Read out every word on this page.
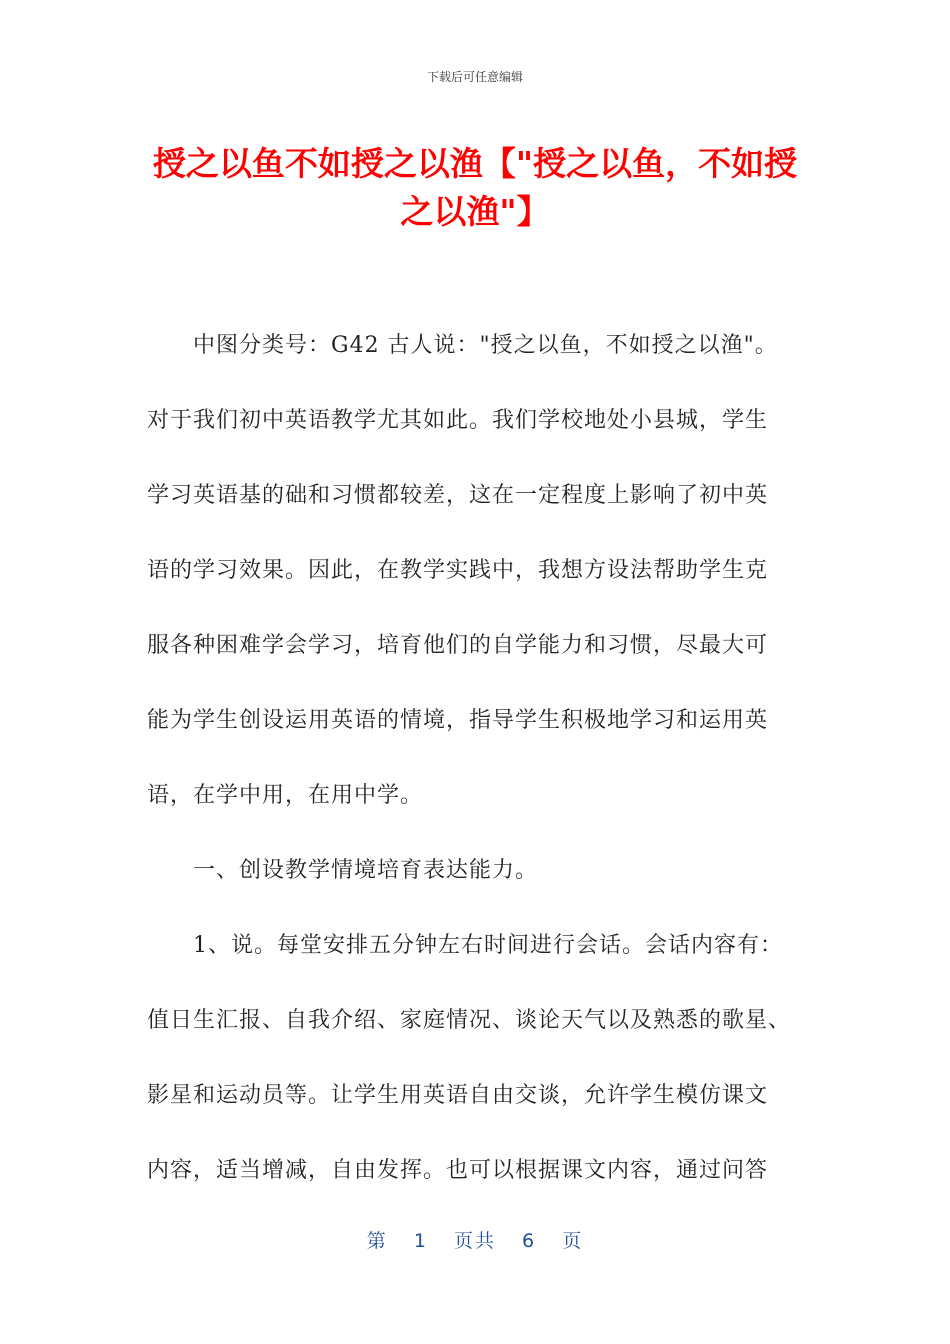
下载后可任意编辑
授之以鱼不如授之以渔【"授之以鱼，不如授
之以渔"】
　　中图分类号：G42 古人说："授之以鱼，不如授之以渔"。
对于我们初中英语教学尤其如此。我们学校地处小县城，学生
学习英语基的础和习惯都较差，这在一定程度上影响了初中英
语的学习效果。因此，在教学实践中，我想方设法帮助学生克
服各种困难学会学习，培育他们的自学能力和习惯，尽最大可
能为学生创设运用英语的情境，指导学生积极地学习和运用英
语，在学中用，在用中学。
　　一、创设教学情境培育表达能力。
　　1、说。每堂安排五分钟左右时间进行会话。会话内容有：
值日生汇报、自我介绍、家庭情况、谈论天气以及熟悉的歌星、
影星和运动员等。让学生用英语自由交谈，允许学生模仿课文
内容，适当增减，自由发挥。也可以根据课文内容，通过问答
第 1 页共 6 页
